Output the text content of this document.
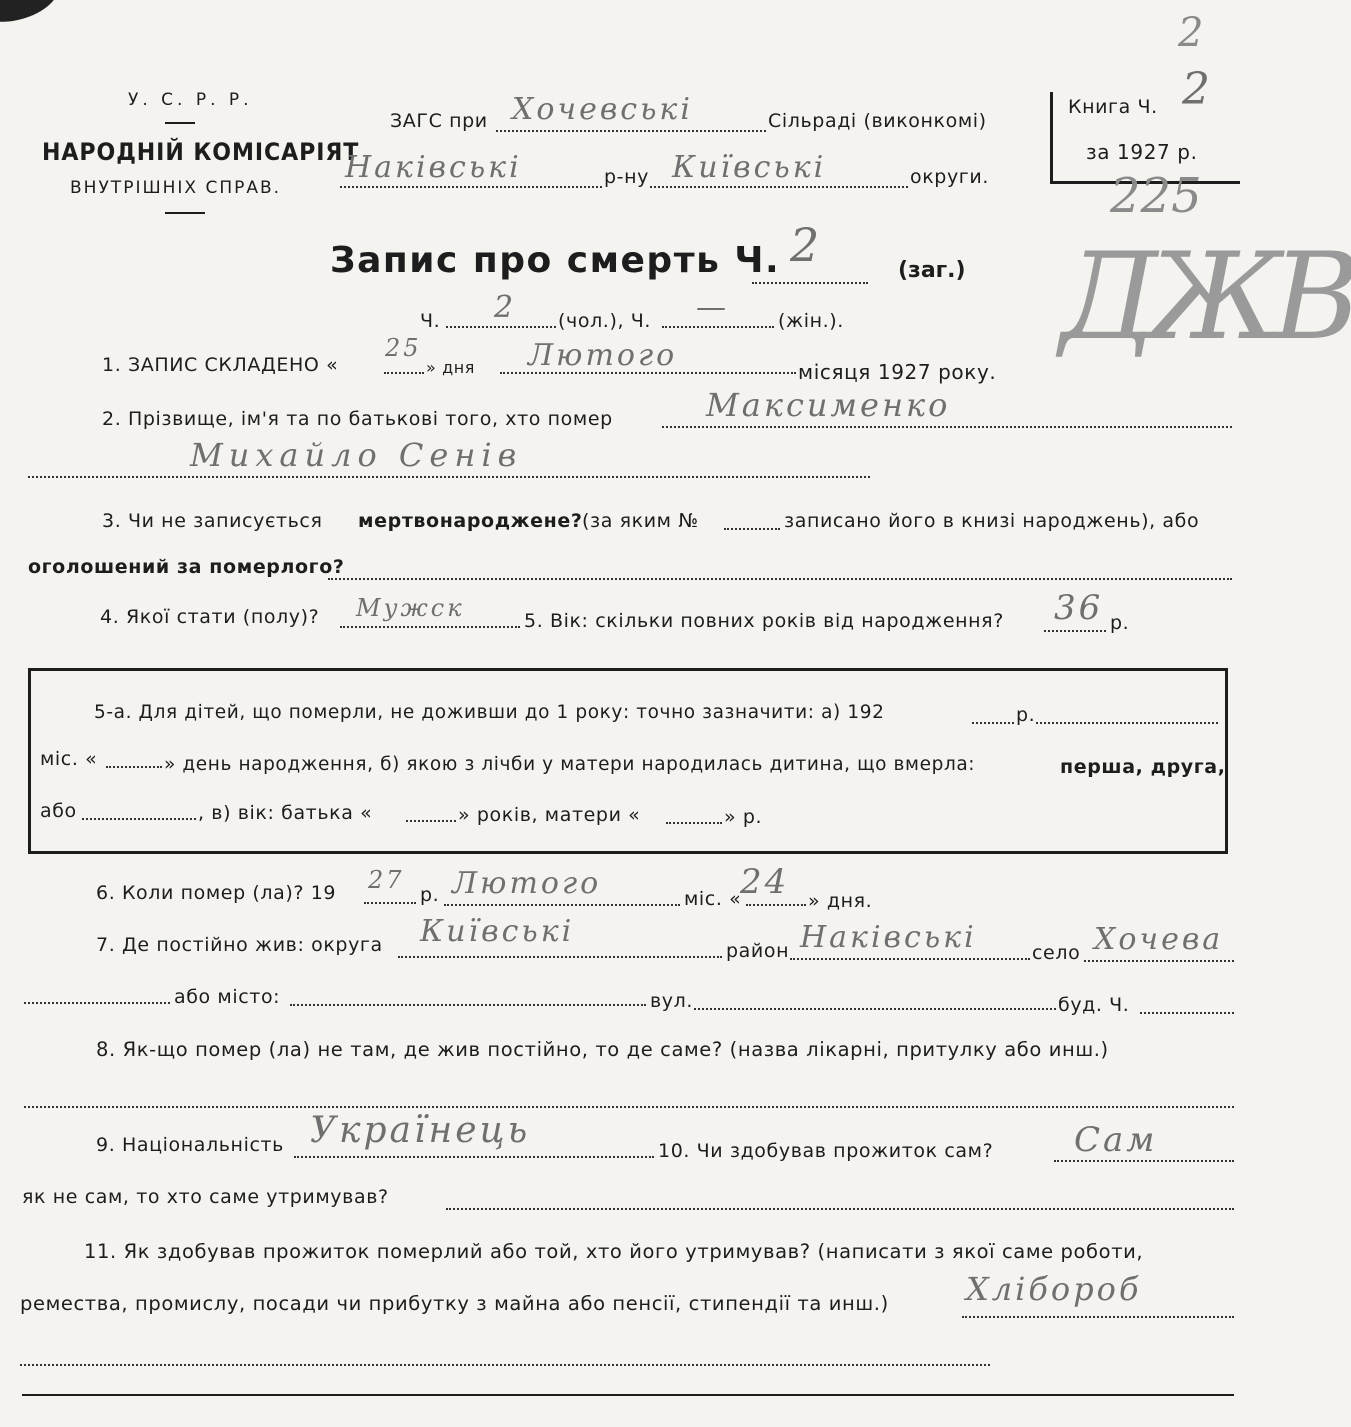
У. С. Р. Р.
НАРОДНІЙ КОМІСАРІЯТ
ВНУТРІШНІХ СПРАВ.
ЗАГС при Хочевські	Сільраді (виконкомі)
Наківські	р-ну Київські	округи.
Книга Ч. 2
за 1927 р.
2
225
ДЖВ
Запис про смерть Ч. 2	(заг.)
Ч. 2 (чол.), Ч. —	(жін.).
1. ЗАПИС СКЛАДЕНО «
25
» дня Лютого	місяця 1927 року.
2. Прізвище, ім'я та по батькові того, хто помер	Максименко
Михайло Сенів
3. Чи не записується мертвонароджене? (за яким №	записано його в книзі народжень), або
оголошений за померлого?
4. Якої стати (полу)? Мужск	5. Вік: скільки повних років від народження? 36 р.
5-а. Для дітей, що померли, не доживши до 1 року: точно зазначити: а) 192	р.
міс. «	» день народження, б) якою з лічби у матери народилась дитина, що вмерла:	перша, друга,
або	, в) вік: батька «	» років, матери «	» р.
6. Коли помер (ла)? 19 27
р. Лютого	міс. «
24 » дня.
7. Де постійно жив: округа Київські
район Наківські	село Хочева
або місто:	вул.	буд. Ч.
8. Як-що помер (ла) не там, де жив постійно, то де саме? (назва лікарні, притулку або инш.)
9. Національність Українець	10. Чи здобував прожиток сам? Сам
як не сам, то хто саме утримував?
11. Як здобував прожиток померлий або той, хто його утримував? (написати з якої саме роботи,
ремества, промислу, посади чи прибутку з майна або пенсії, стипендії та инш.) Хлібороб
